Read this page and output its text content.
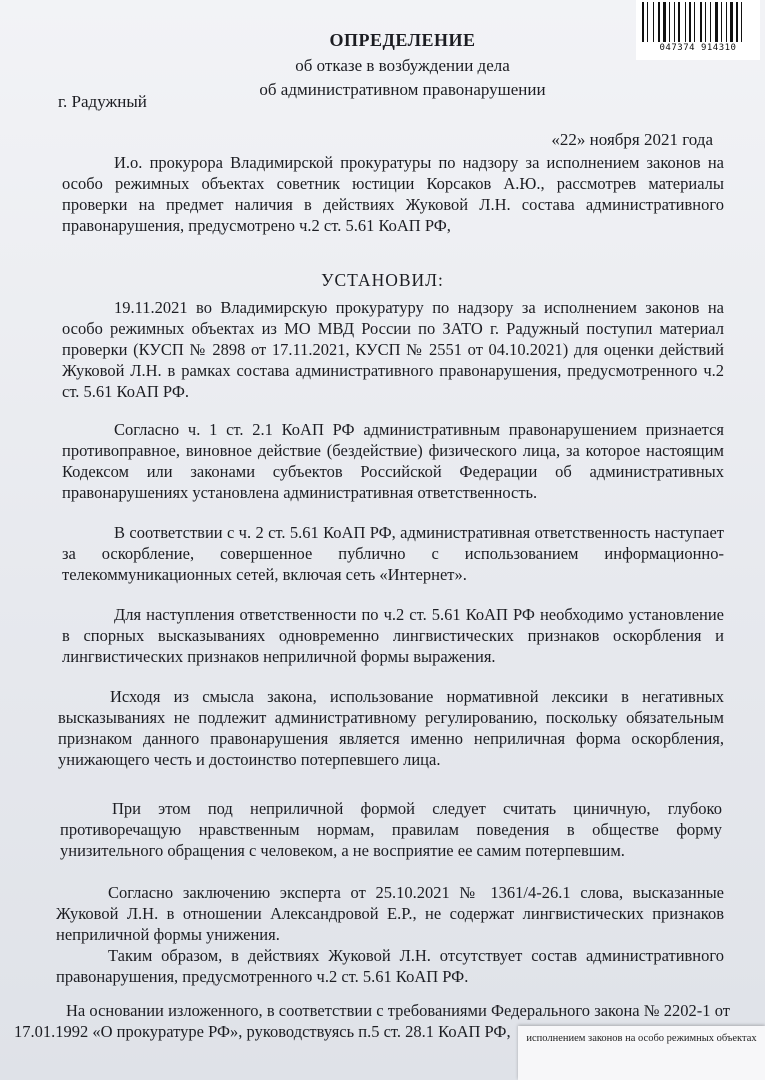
047374 914310
ОПРЕДЕЛЕНИЕ
об отказе в возбуждении дела
об административном правонарушении
г. Радужный
«22» ноября 2021 года
И.о. прокурора Владимирской прокуратуры по надзору за исполнением законов на особо режимных объектах советник юстиции Корсаков А.Ю., рассмотрев материалы проверки на предмет наличия в действиях Жуковой Л.Н. состава административного правонарушения, предусмотрено ч.2 ст. 5.61 КоАП РФ,
УСТАНОВИЛ:
19.11.2021 во Владимирскую прокуратуру по надзору за исполнением законов на особо режимных объектах из МО МВД России по ЗАТО г. Радужный поступил материал проверки (КУСП № 2898 от 17.11.2021, КУСП № 2551 от 04.10.2021) для оценки действий Жуковой Л.Н. в рамках состава административного правонарушения, предусмотренного ч.2 ст. 5.61 КоАП РФ.
Согласно ч. 1 ст. 2.1 КоАП РФ административным правонарушением признается противоправное, виновное действие (бездействие) физического лица, за которое настоящим Кодексом или законами субъектов Российской Федерации об административных правонарушениях установлена административная ответственность.
В соответствии с ч. 2 ст. 5.61 КоАП РФ, административная ответственность наступает за оскорбление, совершенное публично с использованием информационно-телекоммуникационных сетей, включая сеть «Интернет».
Для наступления ответственности по ч.2 ст. 5.61 КоАП РФ необходимо установление в спорных высказываниях одновременно лингвистических признаков оскорбления и лингвистических признаков неприличной формы выражения.
Исходя из смысла закона, использование нормативной лексики в негативных высказываниях не подлежит административному регулированию, поскольку обязательным признаком данного правонарушения является именно неприличная форма оскорбления, унижающего честь и достоинство потерпевшего лица.
При этом под неприличной формой следует считать циничную, глубоко противоречащую нравственным нормам, правилам поведения в обществе форму унизительного обращения с человеком, а не восприятие ее самим потерпевшим.
Согласно заключению эксперта от 25.10.2021 № 1361/4-26.1 слова, высказанные Жуковой Л.Н. в отношении Александровой Е.Р., не содержат лингвистических признаков неприличной формы унижения.
Таким образом, в действиях Жуковой Л.Н. отсутствует состав административного правонарушения, предусмотренного ч.2 ст. 5.61 КоАП РФ.
На основании изложенного, в соответствии с требованиями Федерального закона № 2202-1 от 17.01.1992 «О прокуратуре РФ», руководствуясь п.5 ст. 28.1 КоАП РФ,	исполнением законов на особо режимных объектах
